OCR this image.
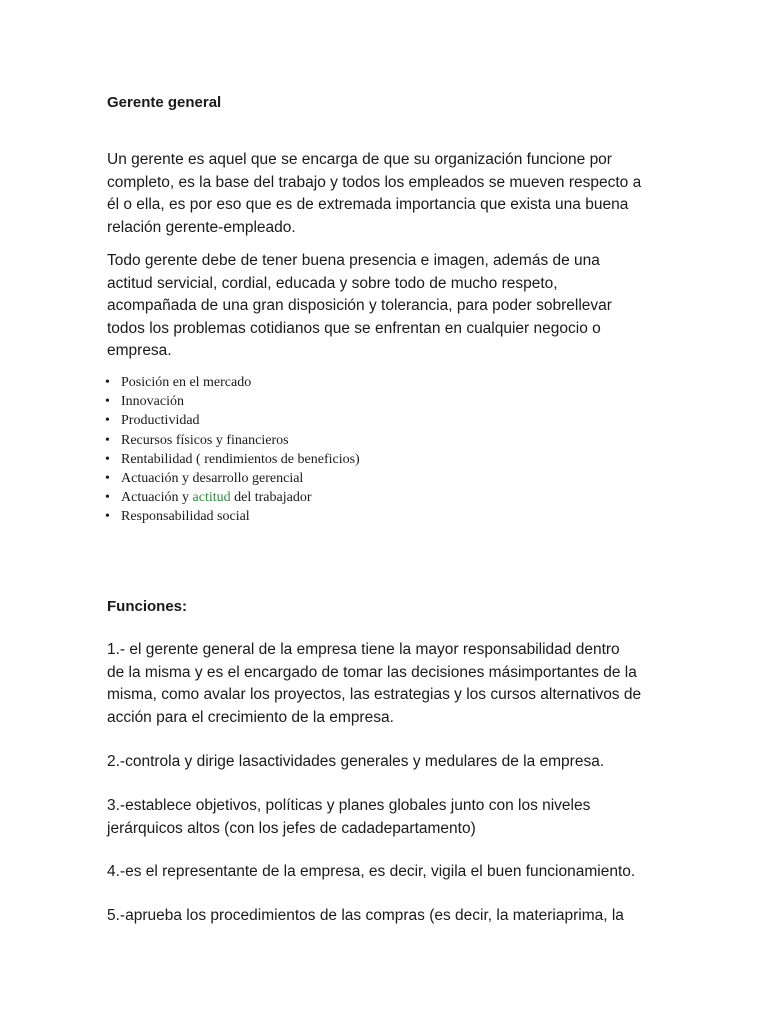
Gerente general
Un gerente es aquel que se encarga de que su organización funcione por
completo, es la base del trabajo y todos los empleados se mueven respecto a
él o ella, es por eso que es de extremada importancia que exista una buena
relación gerente-empleado.
Todo gerente debe de tener buena presencia e imagen, además de una
actitud servicial, cordial, educada y sobre todo de mucho respeto,
acompañada de una gran disposición y tolerancia, para poder sobrellevar
todos los problemas cotidianos que se enfrentan en cualquier negocio o
empresa.
• Posición en el mercado
• Innovación
• Productividad
• Recursos físicos y financieros
• Rentabilidad ( rendimientos de beneficios)
• Actuación y desarrollo gerencial
• Actuación y actitud del trabajador
• Responsabilidad social
Funciones:
1.- el gerente general de la empresa tiene la mayor responsabilidad dentro
de la misma y es el encargado de tomar las decisiones másimportantes de la
misma, como avalar los proyectos, las estrategias y los cursos alternativos de
acción para el crecimiento de la empresa.
2.-controla y dirige lasactividades generales y medulares de la empresa.
3.-establece objetivos, políticas y planes globales junto con los niveles
jerárquicos altos (con los jefes de cadadepartamento)
4.-es el representante de la empresa, es decir, vigila el buen funcionamiento.
5.-aprueba los procedimientos de las compras (es decir, la materiaprima, la
